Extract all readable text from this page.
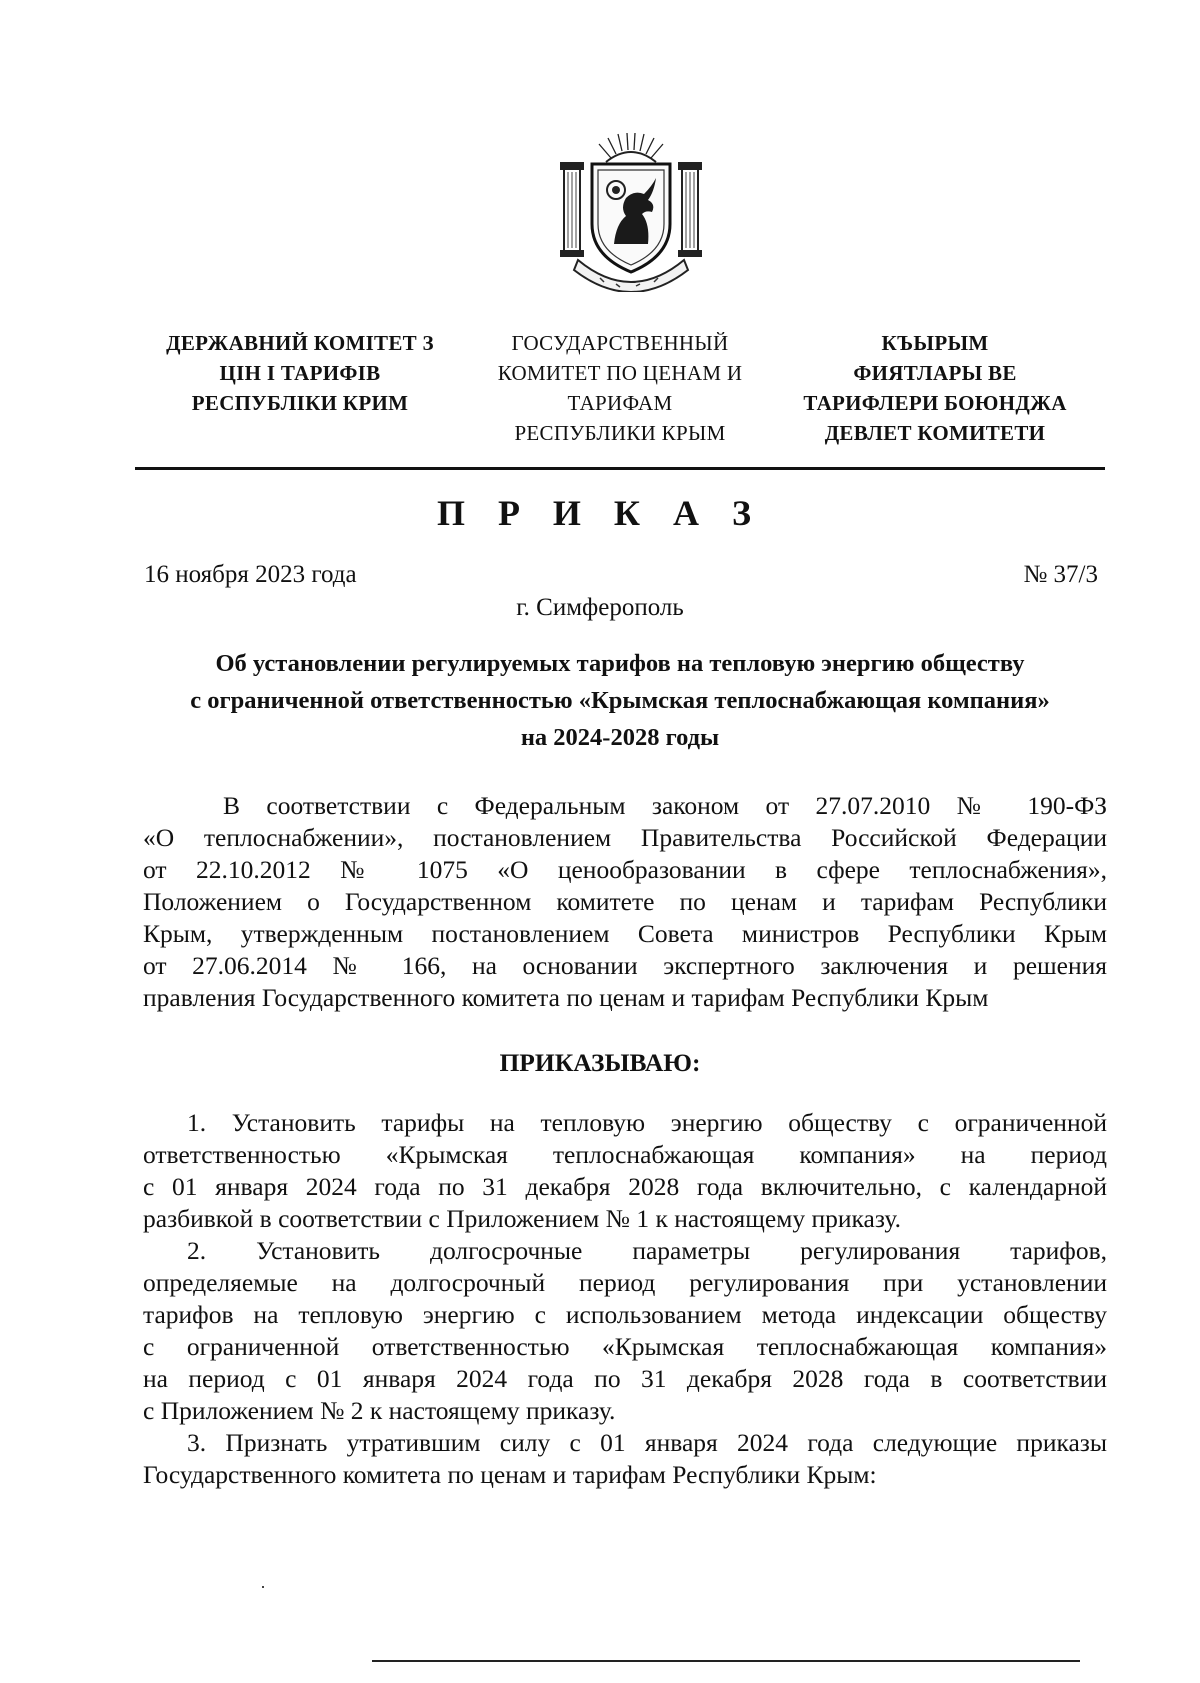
ДЕРЖАВНИЙ КОМІТЕТ З
ЦІН І ТАРИФІВ
РЕСПУБЛІКИ КРИМ
ГОСУДАРСТВЕННЫЙ
КОМИТЕТ ПО ЦЕНАМ И
ТАРИФАМ
РЕСПУБЛИКИ КРЫМ
КЪЫРЫМ
ФИЯТЛАРЫ ВЕ
ТАРИФЛЕРИ БОЮНДЖА
ДЕВЛЕТ КОМИТЕТИ
П Р И К А З
16 ноября 2023 года	№ 37/3
г. Симферополь
Об установлении регулируемых тарифов на тепловую энергию обществу
с ограниченной ответственностью «Крымская теплоснабжающая компания»
на 2024-2028 годы
В соответствии с Федеральным законом от 27.07.2010 № 190-ФЗ
«О теплоснабжении», постановлением Правительства Российской Федерации
от 22.10.2012 № 1075 «О ценообразовании в сфере теплоснабжения»,
Положением о Государственном комитете по ценам и тарифам Республики
Крым, утвержденным постановлением Совета министров Республики Крым
от 27.06.2014 № 166, на основании экспертного заключения и решения
правления Государственного комитета по ценам и тарифам Республики Крым
ПРИКАЗЫВАЮ:
1. Установить тарифы на тепловую энергию обществу с ограниченной
ответственностью «Крымская теплоснабжающая компания» на период
с 01 января 2024 года по 31 декабря 2028 года включительно, с календарной
разбивкой в соответствии с Приложением № 1 к настоящему приказу.
2. Установить долгосрочные параметры регулирования тарифов,
определяемые на долгосрочный период регулирования при установлении
тарифов на тепловую энергию с использованием метода индексации обществу
с ограниченной ответственностью «Крымская теплоснабжающая компания»
на период с 01 января 2024 года по 31 декабря 2028 года в соответствии
с Приложением № 2 к настоящему приказу.
3. Признать утратившим силу с 01 января 2024 года следующие приказы
Государственного комитета по ценам и тарифам Республики Крым:
